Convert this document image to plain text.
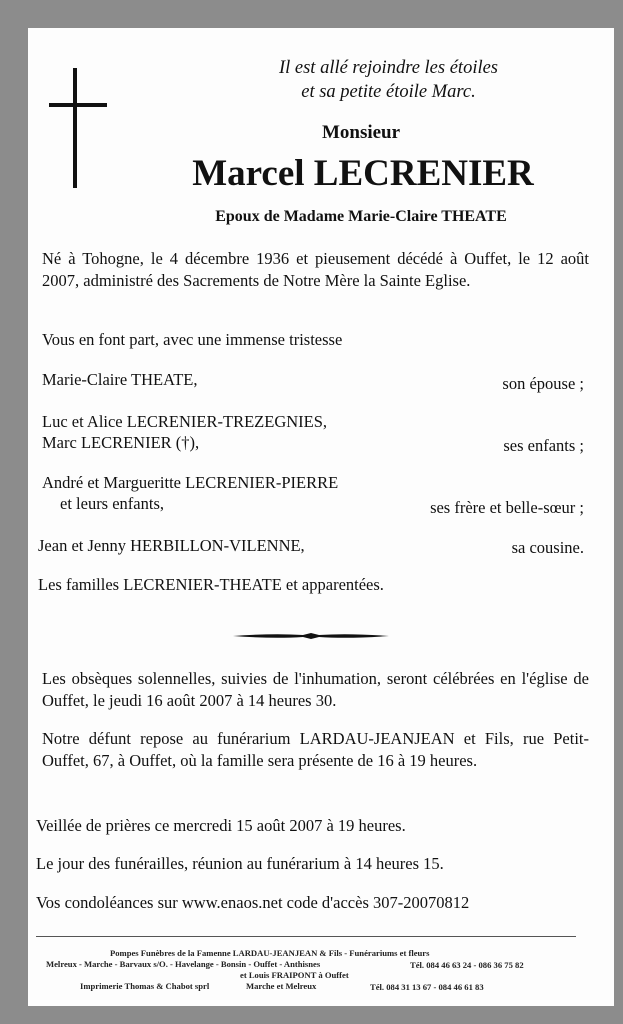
Il est allé rejoindre les étoiles
et sa petite étoile Marc.
Monsieur
Marcel LECRENIER
Epoux de Madame Marie-Claire THEATE
Né à Tohogne, le 4 décembre 1936 et pieusement décédé à Ouffet, le 12 août 2007, administré des Sacrements de Notre Mère la Sainte Eglise.
Vous en font part, avec une immense tristesse
Marie-Claire THEATE,	son épouse ;
Luc et Alice LECRENIER-TREZEGNIES,
Marc LECRENIER (†),	ses enfants ;
André et Margueritte LECRENIER-PIERRE
et leurs enfants,	ses frère et belle-sœur ;
Jean et Jenny HERBILLON-VILENNE,	sa cousine.
Les familles LECRENIER-THEATE et apparentées.
Les obsèques solennelles, suivies de l'inhumation, seront célébrées en l'église de Ouffet, le jeudi 16 août 2007 à 14 heures 30.
Notre défunt repose au funérarium LARDAU-JEANJEAN et Fils, rue Petit-Ouffet, 67, à Ouffet, où la famille sera présente de 16 à 19 heures.
Veillée de prières ce mercredi 15 août 2007 à 19 heures.
Le jour des funérailles, réunion au funérarium à 14 heures 15.
Vos condoléances sur www.enaos.net code d'accès 307-20070812
Pompes Funèbres de la Famenne LARDAU-JEANJEAN & Fils - Funérariums et fleurs
Melreux - Marche - Barvaux s/O. - Havelange - Bonsin - Ouffet - Anthisnes	Tél. 084 46 63 24 - 086 36 75 82
et Louis FRAIPONT à Ouffet
Imprimerie Thomas & Chabot sprl	Marche et Melreux	Tél. 084 31 13 67 - 084 46 61 83
